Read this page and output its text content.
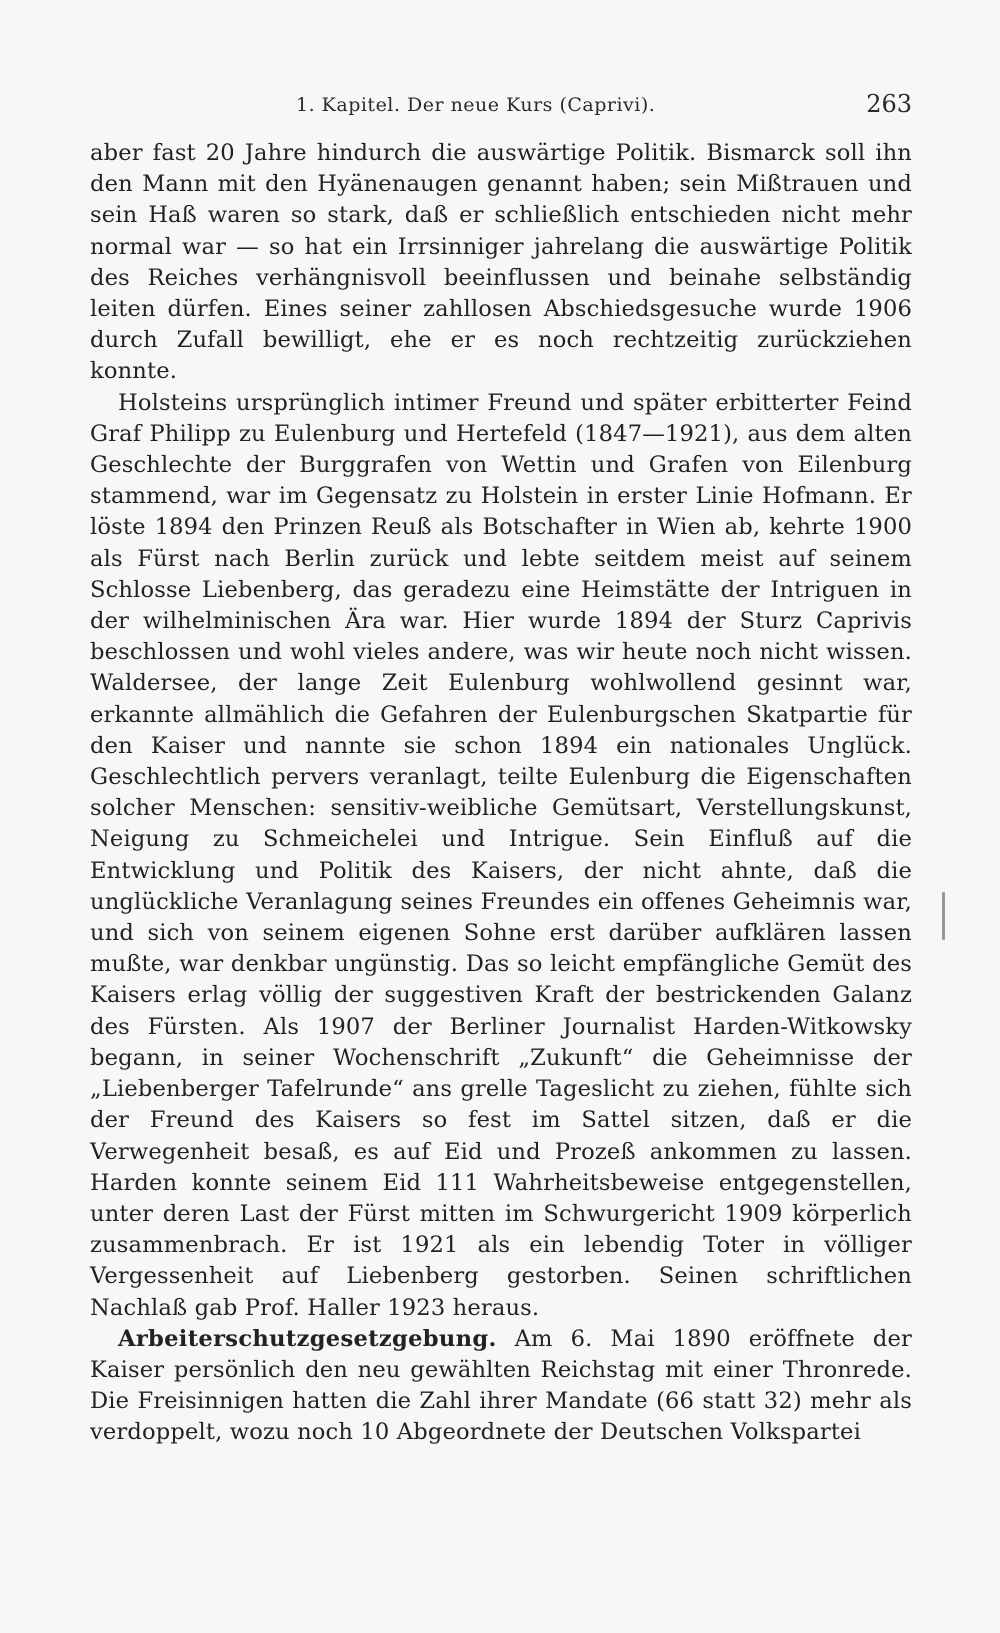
1. Kapitel. Der neue Kurs (Caprivi).	263

aber fast 20 Jahre hindurch die auswärtige Politik. Bismarck soll ihn den Mann mit den Hyänenaugen genannt haben; sein Mißtrauen und sein Haß waren so stark, daß er schließlich entschieden nicht mehr normal war — so hat ein Irrsinniger jahrelang die auswärtige Politik des Reiches verhängnisvoll beeinflussen und beinahe selbständig leiten dürfen. Eines seiner zahllosen Abschiedsgesuche wurde 1906 durch Zufall bewilligt, ehe er es noch rechtzeitig zurückziehen konnte.

Holsteins ursprünglich intimer Freund und später erbitterter Feind Graf Philipp zu Eulenburg und Hertefeld (1847—1921), aus dem alten Geschlechte der Burggrafen von Wettin und Grafen von Eilenburg stammend, war im Gegensatz zu Holstein in erster Linie Hofmann. Er löste 1894 den Prinzen Reuß als Botschafter in Wien ab, kehrte 1900 als Fürst nach Berlin zurück und lebte seitdem meist auf seinem Schlosse Liebenberg, das geradezu eine Heimstätte der Intriguen in der wilhelminischen Ära war. Hier wurde 1894 der Sturz Caprivis beschlossen und wohl vieles andere, was wir heute noch nicht wissen. Waldersee, der lange Zeit Eulenburg wohlwollend gesinnt war, erkannte allmählich die Gefahren der Eulenburgschen Skatpartie für den Kaiser und nannte sie schon 1894 ein nationales Unglück. Geschlechtlich pervers veranlagt, teilte Eulenburg die Eigenschaften solcher Menschen: sensitiv-weibliche Gemütsart, Verstellungskunst, Neigung zu Schmeichelei und Intrigue. Sein Einfluß auf die Entwicklung und Politik des Kaisers, der nicht ahnte, daß die unglückliche Veranlagung seines Freundes ein offenes Geheimnis war, und sich von seinem eigenen Sohne erst darüber aufklären lassen mußte, war denkbar ungünstig. Das so leicht empfängliche Gemüt des Kaisers erlag völlig der suggestiven Kraft der bestrickenden Galanz des Fürsten. Als 1907 der Berliner Journalist Harden-Witkowsky begann, in seiner Wochenschrift „Zukunft“ die Geheimnisse der „Liebenberger Tafelrunde“ ans grelle Tageslicht zu ziehen, fühlte sich der Freund des Kaisers so fest im Sattel sitzen, daß er die Verwegenheit besaß, es auf Eid und Prozeß ankommen zu lassen. Harden konnte seinem Eid 111 Wahrheitsbeweise entgegenstellen, unter deren Last der Fürst mitten im Schwurgericht 1909 körperlich zusammenbrach. Er ist 1921 als ein lebendig Toter in völliger Vergessenheit auf Liebenberg gestorben. Seinen schriftlichen Nachlaß gab Prof. Haller 1923 heraus.

Arbeiterschutzgesetzgebung. Am 6. Mai 1890 eröffnete der Kaiser persönlich den neu gewählten Reichstag mit einer Thronrede. Die Freisinnigen hatten die Zahl ihrer Mandate (66 statt 32) mehr als verdoppelt, wozu noch 10 Abgeordnete der Deutschen Volkspartei
